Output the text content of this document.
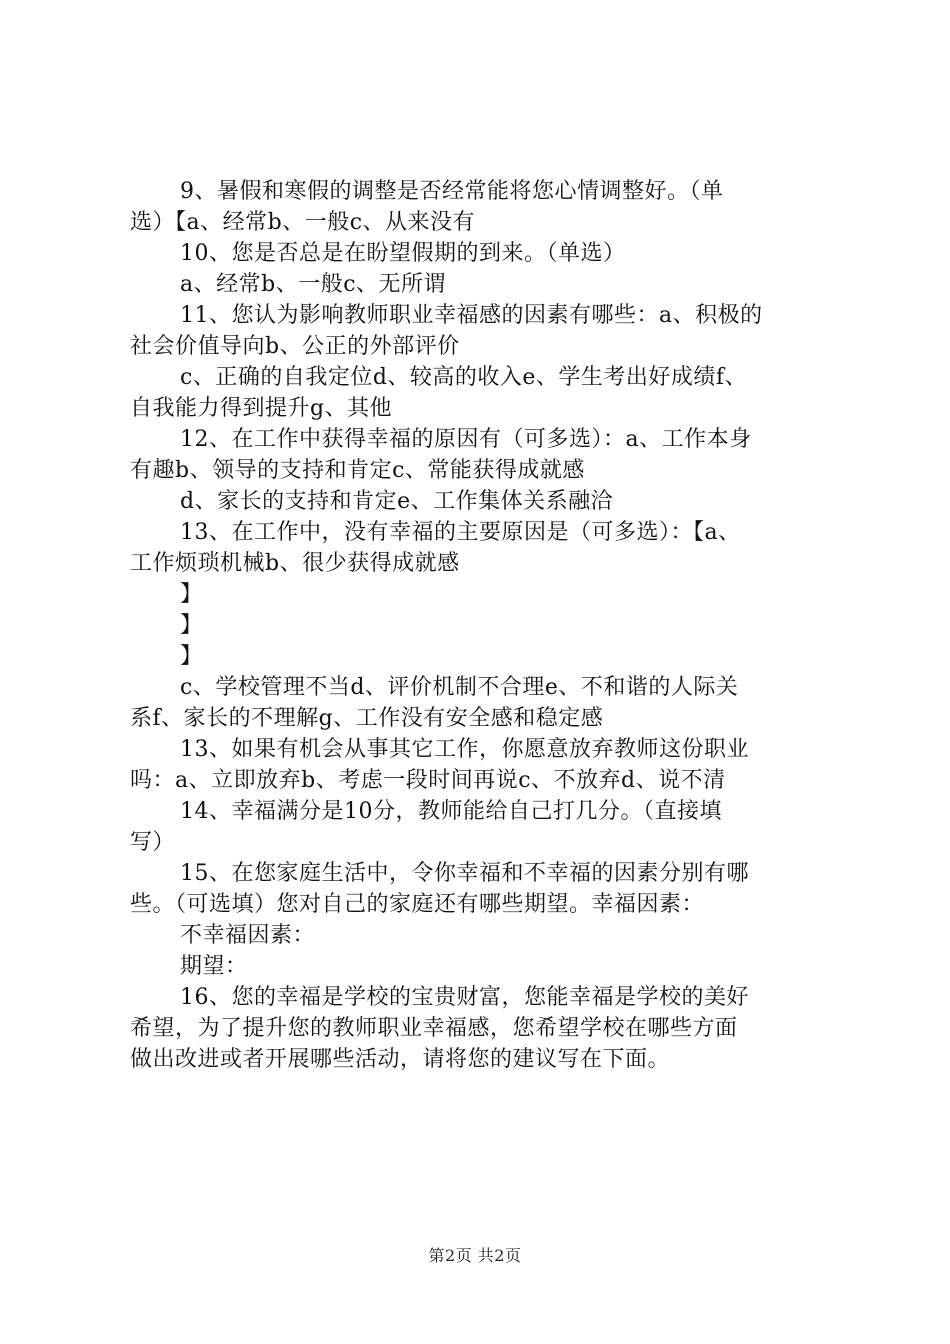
9、暑假和寒假的调整是否经常能将您心情调整好。（单
选）【a、经常b、一般c、从来没有
10、您是否总是在盼望假期的到来。（单选）
a、经常b、一般c、无所谓
11、您认为影响教师职业幸福感的因素有哪些：a、积极的
社会价值导向b、公正的外部评价
c、正确的自我定位d、较高的收入e、学生考出好成绩f、
自我能力得到提升g、其他
12、在工作中获得幸福的原因有（可多选）：a、工作本身
有趣b、领导的支持和肯定c、常能获得成就感
d、家长的支持和肯定e、工作集体关系融洽
13、在工作中，没有幸福的主要原因是（可多选）：【a、
工作烦琐机械b、很少获得成就感
】
】
】
c、学校管理不当d、评价机制不合理e、不和谐的人际关
系f、家长的不理解g、工作没有安全感和稳定感
13、如果有机会从事其它工作，你愿意放弃教师这份职业
吗：a、立即放弃b、考虑一段时间再说c、不放弃d、说不清
14、幸福满分是10分，教师能给自己打几分。（直接填
写）
15、在您家庭生活中，令你幸福和不幸福的因素分别有哪
些。（可选填）您对自己的家庭还有哪些期望。幸福因素：
不幸福因素：
期望：
16、您的幸福是学校的宝贵财富，您能幸福是学校的美好
希望，为了提升您的教师职业幸福感，您希望学校在哪些方面
做出改进或者开展哪些活动，请将您的建议写在下面。
第2页 共2页
